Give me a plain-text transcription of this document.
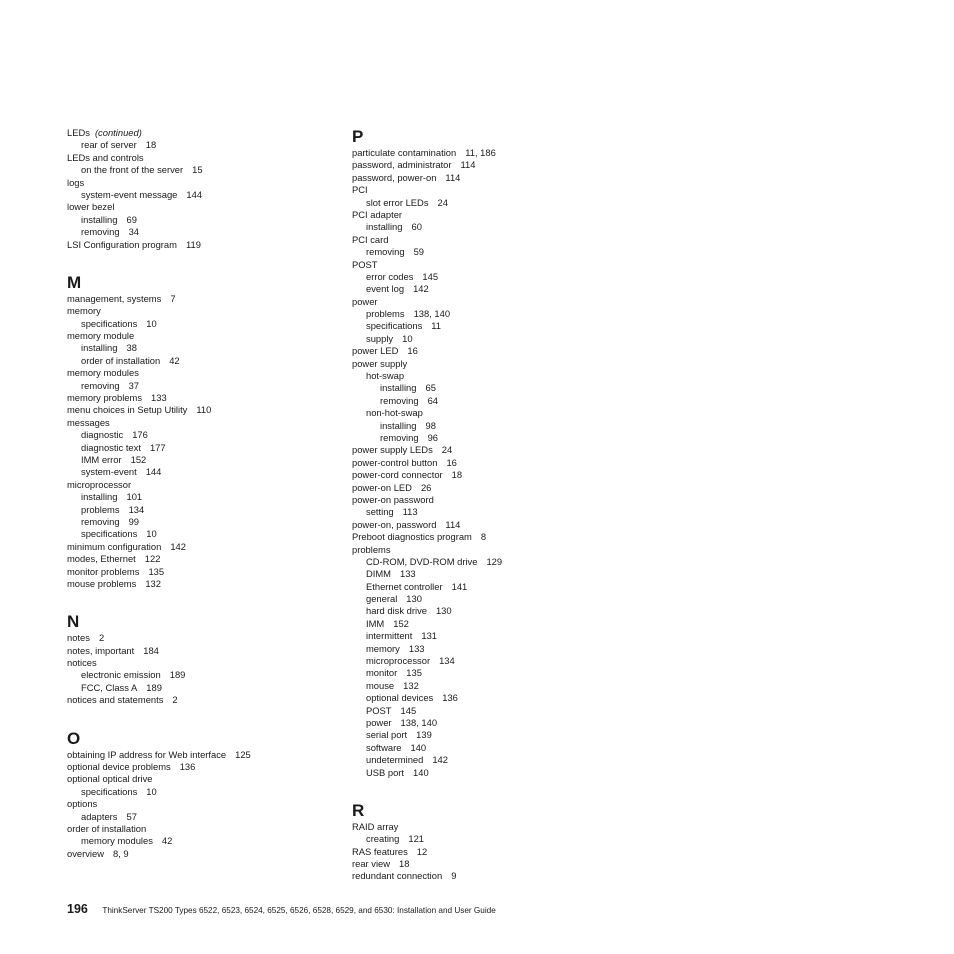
LEDs (continued)
rear of server 18
LEDs and controls
on the front of the server 15
logs
system-event message 144
lower bezel
installing 69
removing 34
LSI Configuration program 119
M
management, systems 7
memory
specifications 10
memory module
installing 38
order of installation 42
memory modules
removing 37
memory problems 133
menu choices in Setup Utility 110
messages
diagnostic 176
diagnostic text 177
IMM error 152
system-event 144
microprocessor
installing 101
problems 134
removing 99
specifications 10
minimum configuration 142
modes, Ethernet 122
monitor problems 135
mouse problems 132
N
notes 2
notes, important 184
notices
electronic emission 189
FCC, Class A 189
notices and statements 2
O
obtaining IP address for Web interface 125
optional device problems 136
optional optical drive
specifications 10
options
adapters 57
order of installation
memory modules 42
overview 8, 9
P
particulate contamination 11, 186
password, administrator 114
password, power-on 114
PCI
slot error LEDs 24
PCI adapter
installing 60
PCI card
removing 59
POST
error codes 145
event log 142
power
problems 138, 140
specifications 11
supply 10
power LED 16
power supply
hot-swap
installing 65
removing 64
non-hot-swap
installing 98
removing 96
power supply LEDs 24
power-control button 16
power-cord connector 18
power-on LED 26
power-on password
setting 113
power-on, password 114
Preboot diagnostics program 8
problems
CD-ROM, DVD-ROM drive 129
DIMM 133
Ethernet controller 141
general 130
hard disk drive 130
IMM 152
intermittent 131
memory 133
microprocessor 134
monitor 135
mouse 132
optional devices 136
POST 145
power 138, 140
serial port 139
software 140
undetermined 142
USB port 140
R
RAID array
creating 121
RAS features 12
rear view 18
redundant connection 9
196 ThinkServer TS200 Types 6522, 6523, 6524, 6525, 6526, 6528, 6529, and 6530: Installation and User Guide
